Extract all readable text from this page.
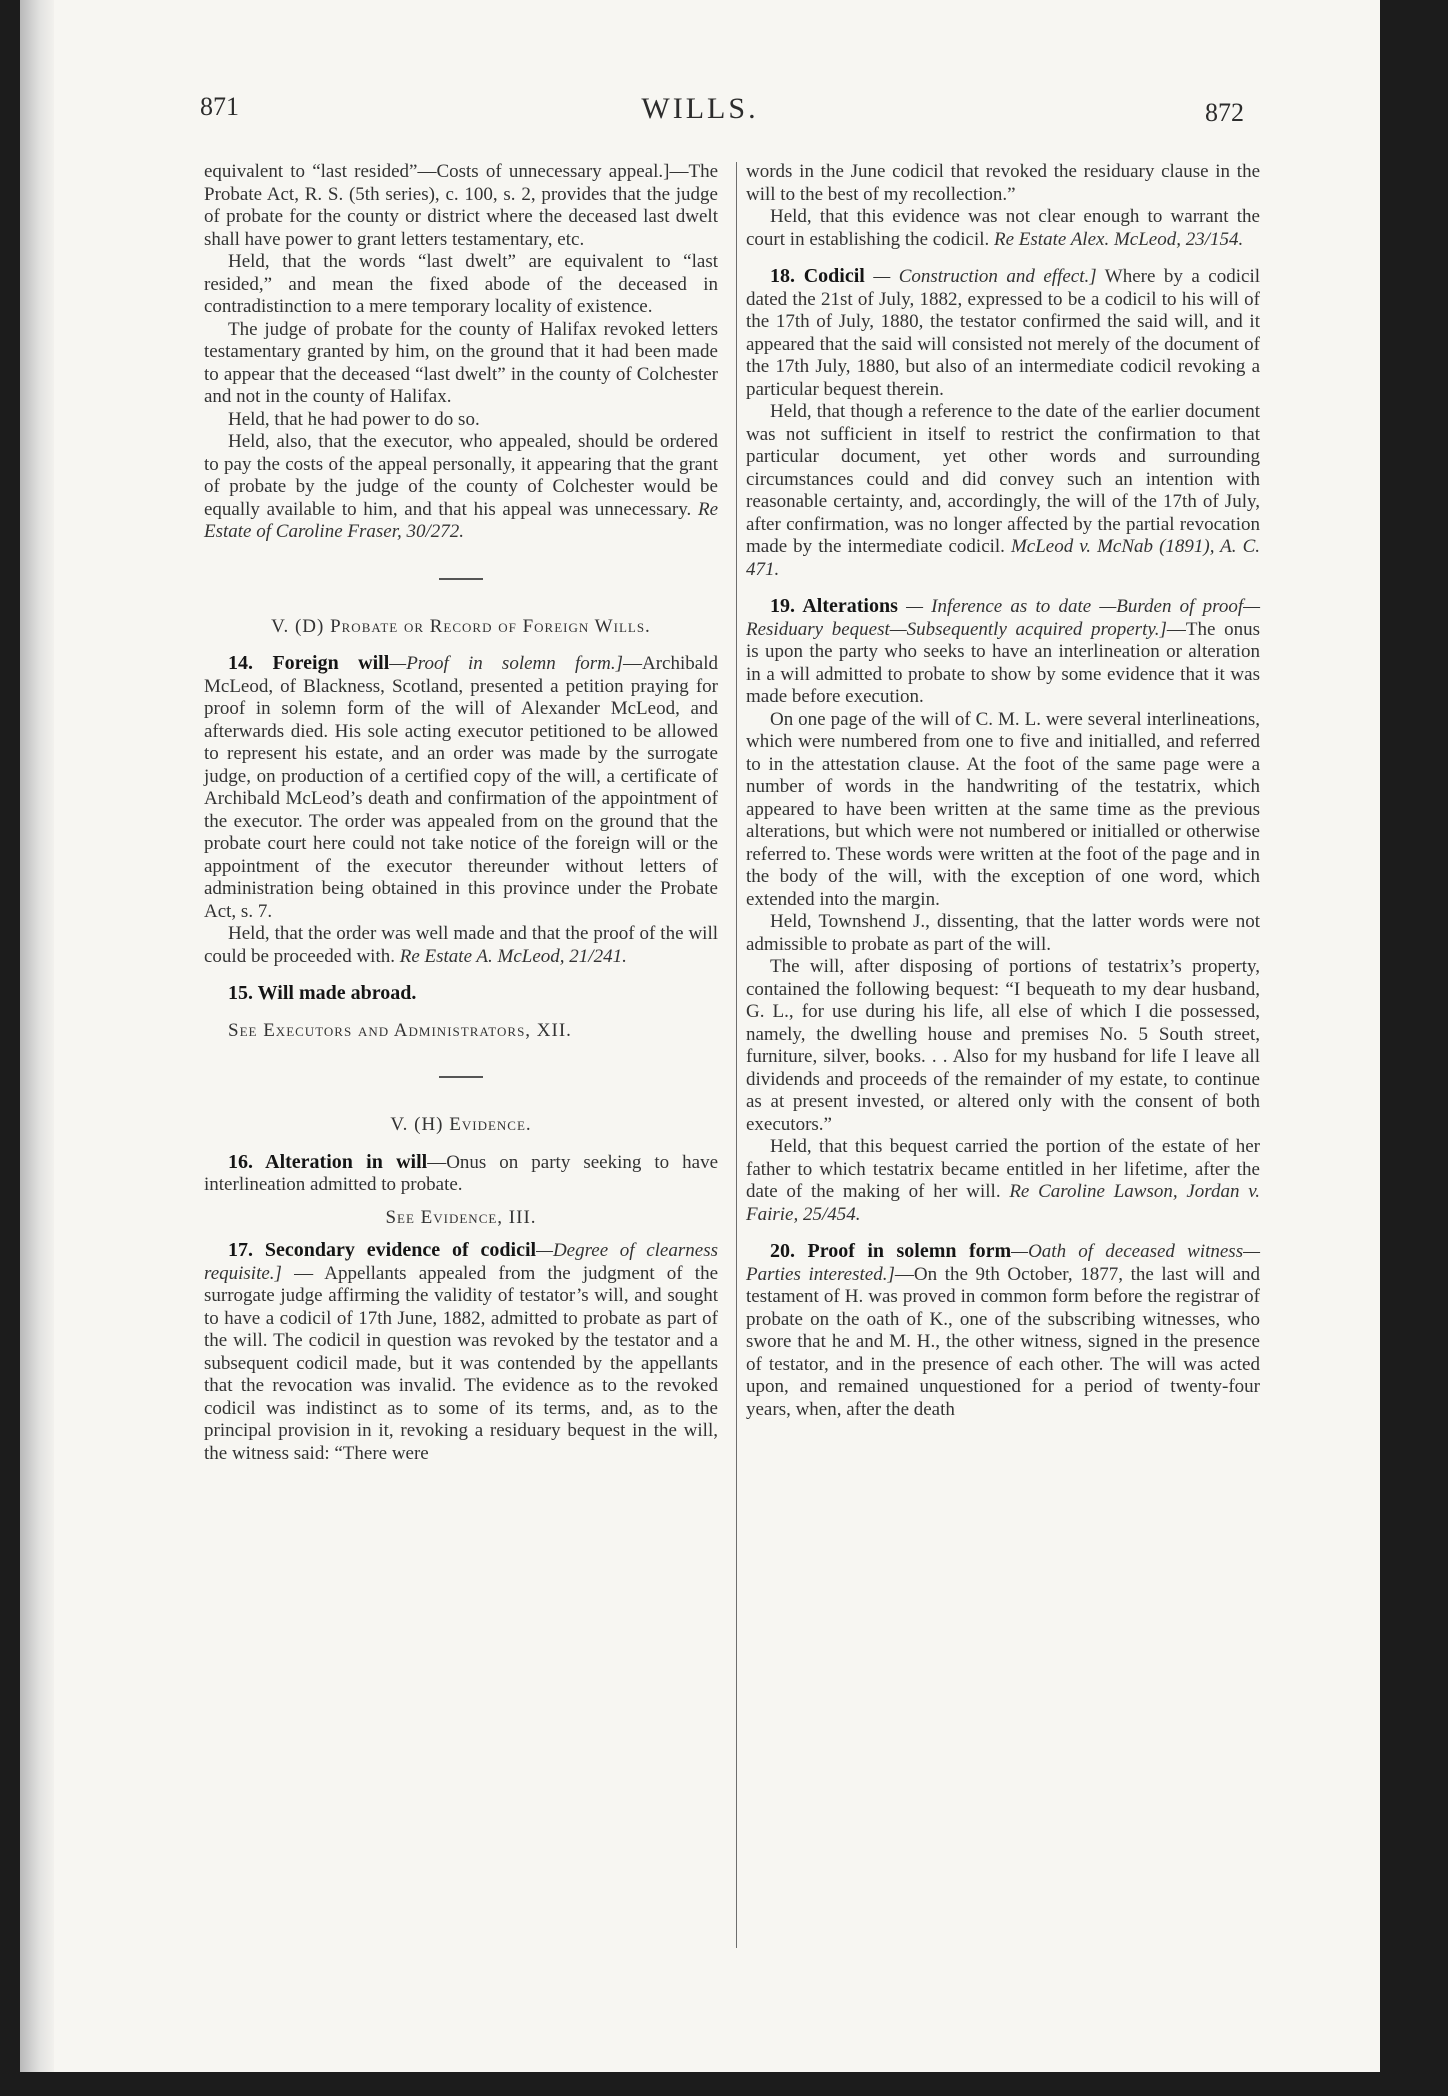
871	WILLS.	872

equivalent to “last resided”—Costs of unnecessary appeal.]—The Probate Act, R. S. (5th series), c. 100, s. 2, provides that the judge of probate for the county or district where the deceased last dwelt shall have power to grant letters testamentary, etc.

Held, that the words “last dwelt” are equivalent to “last resided,” and mean the fixed abode of the deceased in contradistinction to a mere temporary locality of existence.

The judge of probate for the county of Halifax revoked letters testamentary granted by him, on the ground that it had been made to appear that the deceased “last dwelt” in the county of Colchester and not in the county of Halifax.

Held, that he had power to do so.

Held, also, that the executor, who appealed, should be ordered to pay the costs of the appeal personally, it appearing that the grant of probate by the judge of the county of Colchester would be equally available to him, and that his appeal was unnecessary. Re Estate of Caroline Fraser, 30/272.

V. (D) Probate or Record of Foreign Wills.

14. Foreign will—Proof in solemn form.]—Archibald McLeod, of Blackness, Scotland, presented a petition praying for proof in solemn form of the will of Alexander McLeod, and afterwards died. His sole acting executor petitioned to be allowed to represent his estate, and an order was made by the surrogate judge, on production of a certified copy of the will, a certificate of Archibald McLeod’s death and confirmation of the appointment of the executor. The order was appealed from on the ground that the probate court here could not take notice of the foreign will or the appointment of the executor thereunder without letters of administration being obtained in this province under the Probate Act, s. 7.

Held, that the order was well made and that the proof of the will could be proceeded with. Re Estate A. McLeod, 21/241.

15. Will made abroad.

See Executors and Administrators, XII.

V. (H) Evidence.

16. Alteration in will—Onus on party seeking to have interlineation admitted to probate.

See Evidence, III.

17. Secondary evidence of codicil—Degree of clearness requisite.] — Appellants appealed from the judgment of the surrogate judge affirming the validity of testator’s will, and sought to have a codicil of 17th June, 1882, admitted to probate as part of the will. The codicil in question was revoked by the testator and a subsequent codicil made, but it was contended by the appellants that the revocation was invalid. The evidence as to the revoked codicil was indistinct as to some of its terms, and, as to the principal provision in it, revoking a residuary bequest in the will, the witness said: “There were

words in the June codicil that revoked the residuary clause in the will to the best of my recollection.”

Held, that this evidence was not clear enough to warrant the court in establishing the codicil. Re Estate Alex. McLeod, 23/154.

18. Codicil — Construction and effect.] Where by a codicil dated the 21st of July, 1882, expressed to be a codicil to his will of the 17th of July, 1880, the testator confirmed the said will, and it appeared that the said will consisted not merely of the document of the 17th July, 1880, but also of an intermediate codicil revoking a particular bequest therein.

Held, that though a reference to the date of the earlier document was not sufficient in itself to restrict the confirmation to that particular document, yet other words and surrounding circumstances could and did convey such an intention with reasonable certainty, and, accordingly, the will of the 17th of July, after confirmation, was no longer affected by the partial revocation made by the intermediate codicil. McLeod v. McNab (1891), A. C. 471.

19. Alterations — Inference as to date —Burden of proof—Residuary bequest—Subsequently acquired property.]—The onus is upon the party who seeks to have an interlineation or alteration in a will admitted to probate to show by some evidence that it was made before execution.

On one page of the will of C. M. L. were several interlineations, which were numbered from one to five and initialled, and referred to in the attestation clause. At the foot of the same page were a number of words in the handwriting of the testatrix, which appeared to have been written at the same time as the previous alterations, but which were not numbered or initialled or otherwise referred to. These words were written at the foot of the page and in the body of the will, with the exception of one word, which extended into the margin.

Held, Townshend J., dissenting, that the latter words were not admissible to probate as part of the will.

The will, after disposing of portions of testatrix’s property, contained the following bequest: “I bequeath to my dear husband, G. L., for use during his life, all else of which I die possessed, namely, the dwelling house and premises No. 5 South street, furniture, silver, books. . . Also for my husband for life I leave all dividends and proceeds of the remainder of my estate, to continue as at present invested, or altered only with the consent of both executors.”

Held, that this bequest carried the portion of the estate of her father to which testatrix became entitled in her lifetime, after the date of the making of her will. Re Caroline Lawson, Jordan v. Fairie, 25/454.

20. Proof in solemn form—Oath of deceased witness—Parties interested.]—On the 9th October, 1877, the last will and testament of H. was proved in common form before the registrar of probate on the oath of K., one of the subscribing witnesses, who swore that he and M. H., the other witness, signed in the presence of testator, and in the presence of each other. The will was acted upon, and remained unquestioned for a period of twenty-four years, when, after the death
